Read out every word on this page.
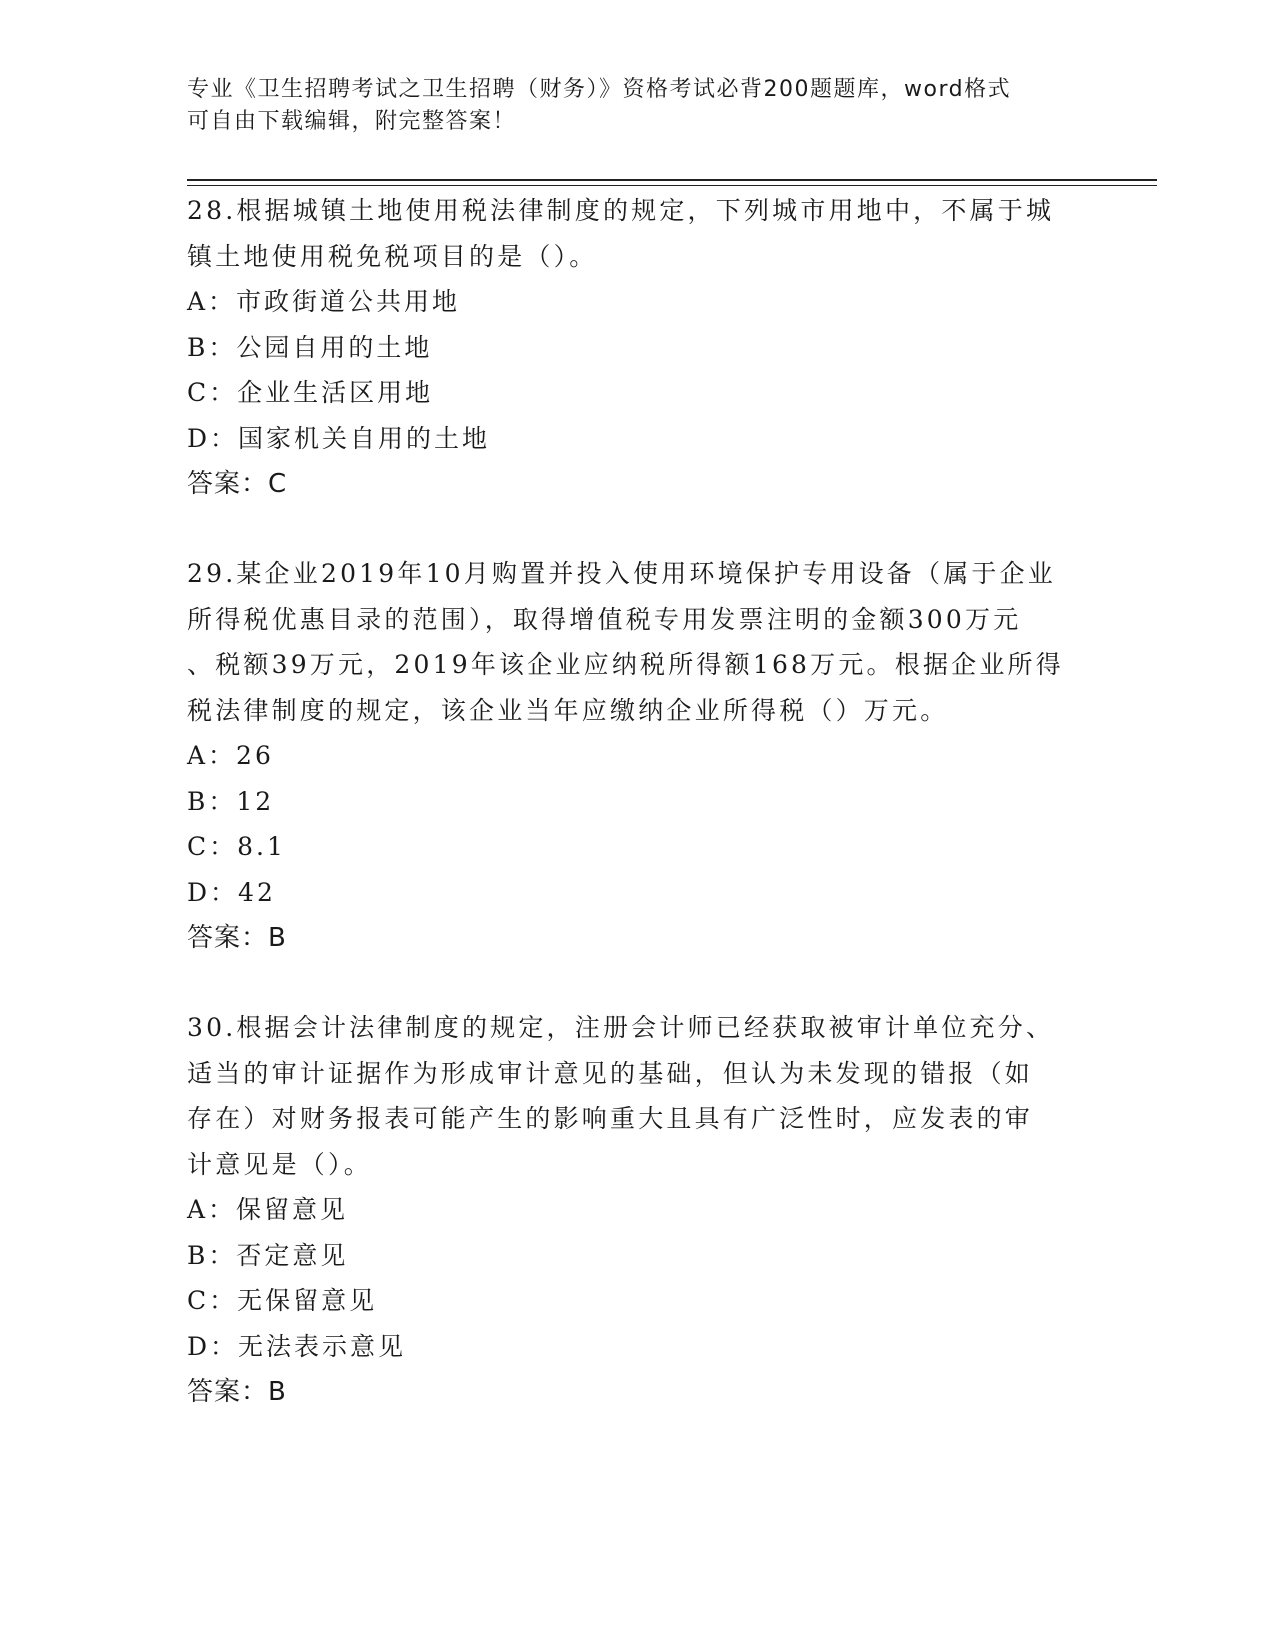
专业《卫生招聘考试之卫生招聘（财务）》资格考试必背200题题库，word格式
可自由下载编辑，附完整答案！

28.根据城镇土地使用税法律制度的规定，下列城市用地中，不属于城

镇土地使用税免税项目的是（）。

A：市政街道公共用地

B：公园自用的土地

C：企业生活区用地

D：国家机关自用的土地

答案：C

29.某企业2019年10月购置并投入使用环境保护专用设备（属于企业

所得税优惠目录的范围），取得增值税专用发票注明的金额300万元

、税额39万元，2019年该企业应纳税所得额168万元。根据企业所得

税法律制度的规定，该企业当年应缴纳企业所得税（）万元。

A：26

B：12

C：8.1

D：42

答案：B

30.根据会计法律制度的规定，注册会计师已经获取被审计单位充分、

适当的审计证据作为形成审计意见的基础，但认为未发现的错报（如

存在）对财务报表可能产生的影响重大且具有广泛性时，应发表的审

计意见是（）。

A：保留意见

B：否定意见

C：无保留意见

D：无法表示意见

答案：B
